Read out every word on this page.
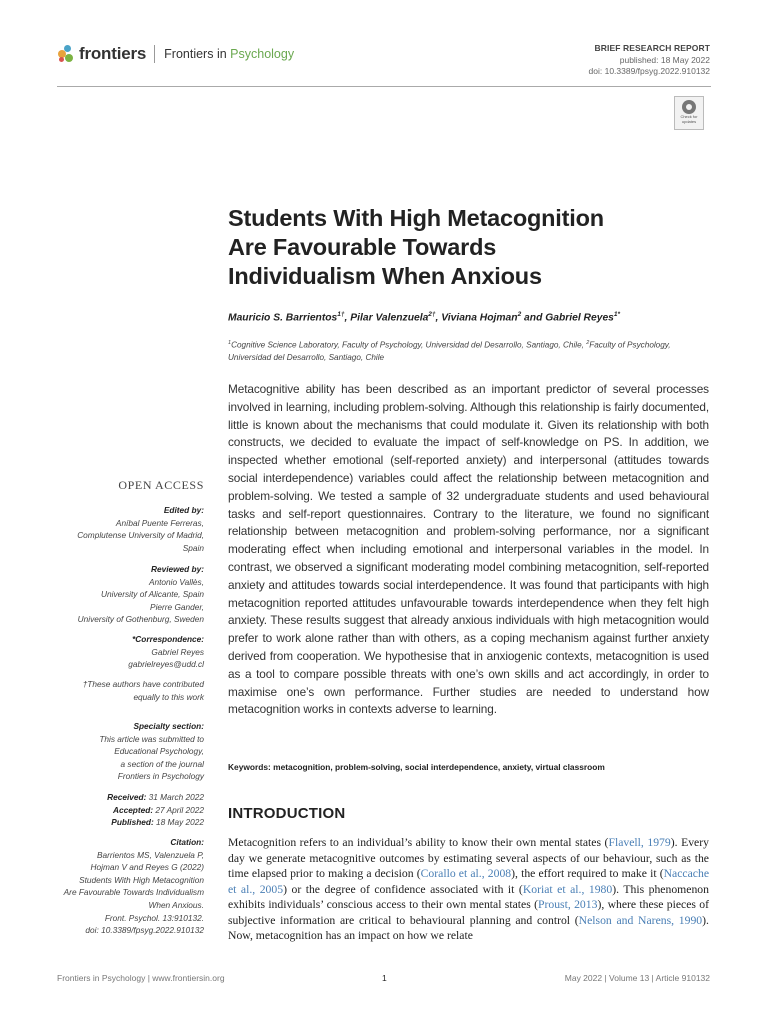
frontiers Frontiers in Psychology	BRIEF RESEARCH REPORT
published: 18 May 2022
doi: 10.3389/fpsyg.2022.910132
Check for
updates
Students With High Metacognition
Are Favourable Towards
Individualism When Anxious
Mauricio S. Barrientos$^{1\dagger}$, Pilar Valenzuela$^{2\dagger}$, Viviana Hojman$^2$ and Gabriel Reyes$^{1*}$
$^1$Cognitive Science Laboratory, Faculty of Psychology, Universidad del Desarrollo, Santiago, Chile, $^2$Faculty of Psychology,
Universidad del Desarrollo, Santiago, Chile
Metacognitive ability has been described as an important predictor of several processes involved in learning, including problem-solving. Although this relationship is fairly documented, little is known about the mechanisms that could modulate it. Given its relationship with both constructs, we decided to evaluate the impact of self-knowledge on PS. In addition, we inspected whether emotional (self-reported anxiety) and interpersonal (attitudes towards social interdependence) variables could affect the relationship between metacognition and problem-solving. We tested a sample of 32 undergraduate students and used behavioural tasks and self-report questionnaires. Contrary to the literature, we found no significant relationship between metacognition and problem-solving performance, nor a significant moderating effect when including emotional and interpersonal variables in the model. In contrast, we observed a significant moderating model combining metacognition, self-reported anxiety and attitudes towards social interdependence. It was found that participants with high metacognition reported attitudes unfavourable towards interdependence when they felt high anxiety. These results suggest that already anxious individuals with high metacognition would prefer to work alone rather than with others, as a coping mechanism against further anxiety derived from cooperation. We hypothesise that in anxiogenic contexts, metacognition is used as a tool to compare possible threats with one’s own skills and act accordingly, in order to maximise one’s own performance. Further studies are needed to understand how metacognition works in contexts adverse to learning.
Keywords: metacognition, problem-solving, social interdependence, anxiety, virtual classroom
INTRODUCTION
Metacognition refers to an individual’s ability to know their own mental states (Flavell, 1979). Every day we generate metacognitive outcomes by estimating several aspects of our behaviour, such as the time elapsed prior to making a decision (Corallo et al., 2008), the effort required to make it (Naccache et al., 2005) or the degree of confidence associated with it (Koriat et al., 1980). This phenomenon exhibits individuals’ conscious access to their own mental states (Proust, 2013), where these pieces of subjective information are critical to behavioural planning and control (Nelson and Narens, 1990). Now, metacognition has an impact on how we relate
OPEN ACCESS
Edited by:
Aníbal Puente Ferreras,
Complutense University of Madrid,
Spain
Reviewed by:
Antonio Vallès,
University of Alicante, Spain
Pierre Gander,
University of Gothenburg, Sweden
*Correspondence:
Gabriel Reyes
gabrielreyes@udd.cl
†These authors have contributed
equally to this work
Specialty section:
This article was submitted to
Educational Psychology,
a section of the journal
Frontiers in Psychology
Received: 31 March 2022
Accepted: 27 April 2022
Published: 18 May 2022
Citation:
Barrientos MS, Valenzuela P,
Hojman V and Reyes G (2022)
Students With High Metacognition
Are Favourable Towards Individualism
When Anxious.
Front. Psychol. 13:910132.
doi: 10.3389/fpsyg.2022.910132
Frontiers in Psychology | www.frontiersin.org	1	May 2022 | Volume 13 | Article 910132
